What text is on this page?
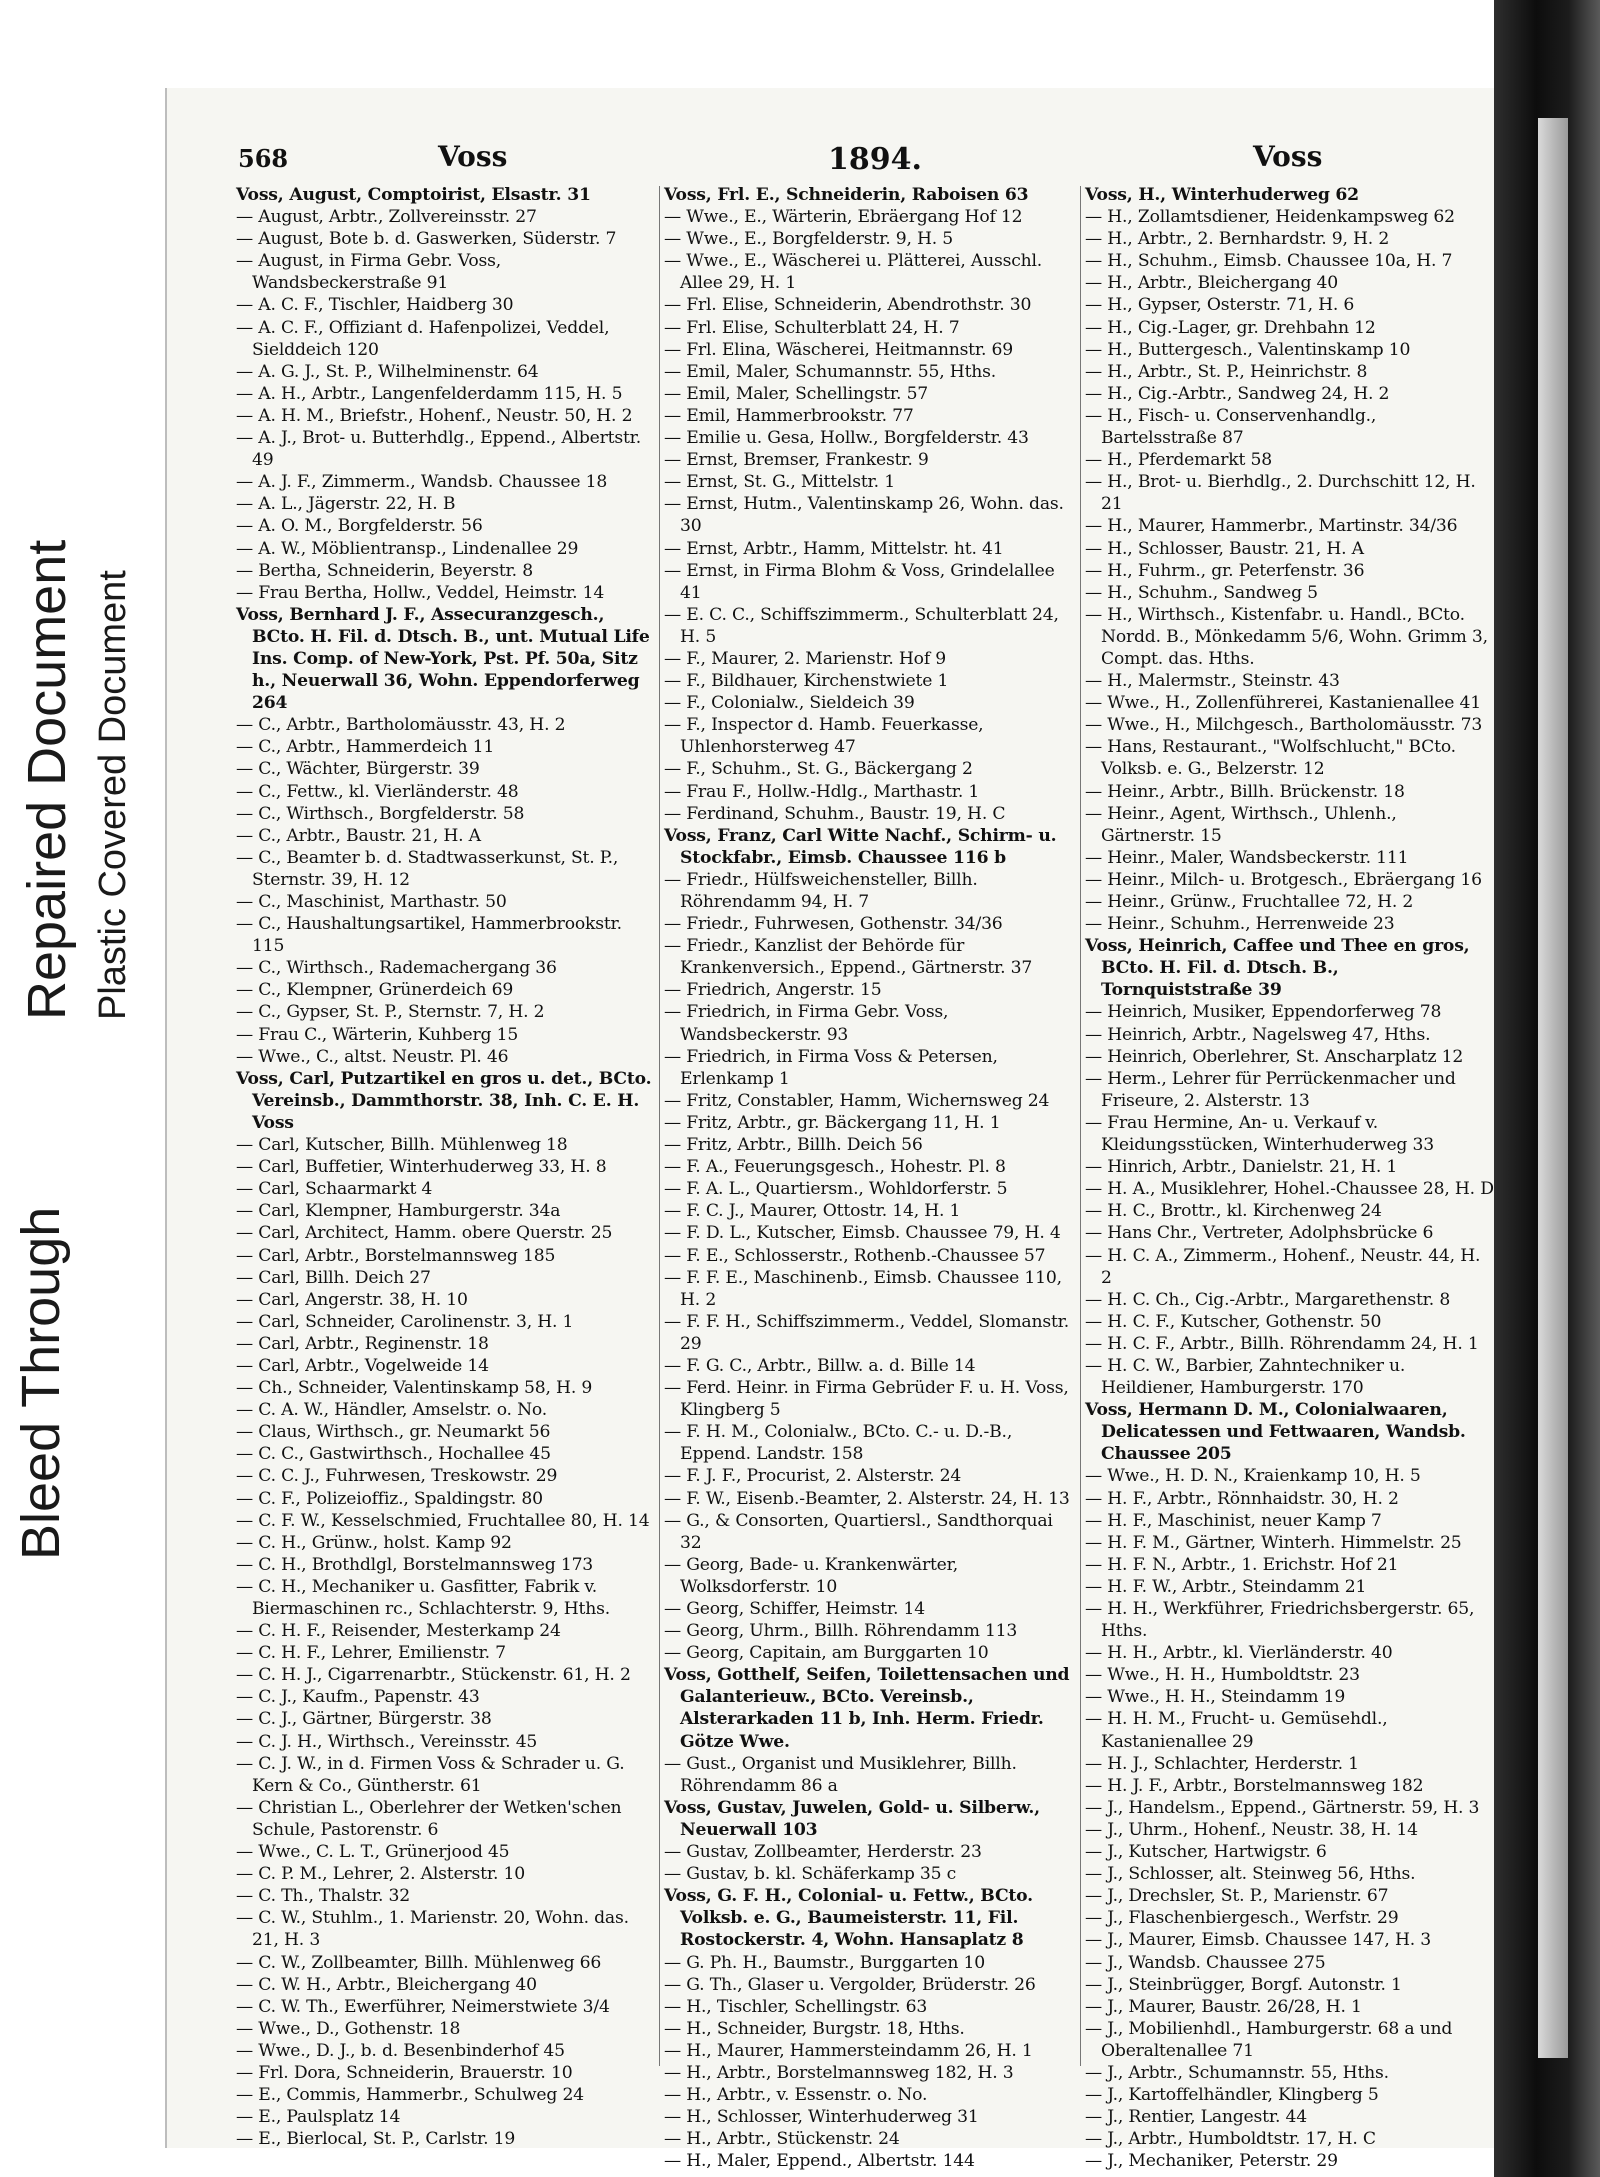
Repaired Document Plastic Covered Document
Bleed Through
568	Voss	1894.	Voss

Voss, August, Comptoirist, Elsastr. 31

— August, Arbtr., Zollvereinsstr. 27

— August, Bote b. d. Gaswerken, Süderstr. 7

— August, in Firma Gebr. Voss, Wandsbeckerstraße 91

— A. C. F., Tischler, Haidberg 30

— A. C. F., Offiziant d. Hafenpolizei, Veddel, Sielddeich 120

— A. G. J., St. P., Wilhelminenstr. 64

— A. H., Arbtr., Langenfelderdamm 115, H. 5

— A. H. M., Briefstr., Hohenf., Neustr. 50, H. 2

— A. J., Brot- u. Butterhdlg., Eppend., Albertstr. 49

— A. J. F., Zimmerm., Wandsb. Chaussee 18

— A. L., Jägerstr. 22, H. B

— A. O. M., Borgfelderstr. 56

— A. W., Möblientransp., Lindenallee 29

— Bertha, Schneiderin, Beyerstr. 8

— Frau Bertha, Hollw., Veddel, Heimstr. 14

Voss, Bernhard J. F., Assecuranzgesch., BCto. H. Fil. d. Dtsch. B., unt. Mutual Life Ins. Comp. of New-York, Pst. Pf. 50a, Sitz h., Neuerwall 36, Wohn. Eppendorferweg 264

— C., Arbtr., Bartholomäusstr. 43, H. 2

— C., Arbtr., Hammerdeich 11

— C., Wächter, Bürgerstr. 39

— C., Fettw., kl. Vierländerstr. 48

— C., Wirthsch., Borgfelderstr. 58

— C., Arbtr., Baustr. 21, H. A

— C., Beamter b. d. Stadtwasserkunst, St. P., Sternstr. 39, H. 12

— C., Maschinist, Marthastr. 50

— C., Haushaltungsartikel, Hammerbrookstr. 115

— C., Wirthsch., Rademachergang 36

— C., Klempner, Grünerdeich 69

— C., Gypser, St. P., Sternstr. 7, H. 2

— Frau C., Wärterin, Kuhberg 15

— Wwe., C., altst. Neustr. Pl. 46

Voss, Carl, Putzartikel en gros u. det., BCto. Vereinsb., Dammthorstr. 38, Inh. C. E. H. Voss

— Carl, Kutscher, Billh. Mühlenweg 18

— Carl, Buffetier, Winterhuderweg 33, H. 8

— Carl, Schaarmarkt 4

— Carl, Klempner, Hamburgerstr. 34a

— Carl, Architect, Hamm. obere Querstr. 25

— Carl, Arbtr., Borstelmannsweg 185

— Carl, Billh. Deich 27

— Carl, Angerstr. 38, H. 10

— Carl, Schneider, Carolinenstr. 3, H. 1

— Carl, Arbtr., Reginenstr. 18

— Carl, Arbtr., Vogelweide 14

— Ch., Schneider, Valentinskamp 58, H. 9

— C. A. W., Händler, Amselstr. o. No.

— Claus, Wirthsch., gr. Neumarkt 56

— C. C., Gastwirthsch., Hochallee 45

— C. C. J., Fuhrwesen, Treskowstr. 29

— C. F., Polizeioffiz., Spaldingstr. 80

— C. F. W., Kesselschmied, Fruchtallee 80, H. 14

— C. H., Grünw., holst. Kamp 92

— C. H., Brothdlgl, Borstelmannsweg 173

— C. H., Mechaniker u. Gasfitter, Fabrik v. Biermaschinen rc., Schlachterstr. 9, Hths.

— C. H. F., Reisender, Mesterkamp 24

— C. H. F., Lehrer, Emilienstr. 7

— C. H. J., Cigarrenarbtr., Stückenstr. 61, H. 2

— C. J., Kaufm., Papenstr. 43

— C. J., Gärtner, Bürgerstr. 38

— C. J. H., Wirthsch., Vereinsstr. 45

— C. J. W., in d. Firmen Voss & Schrader u. G. Kern & Co., Güntherstr. 61

— Christian L., Oberlehrer der Wetken'schen Schule, Pastorenstr. 6

— Wwe., C. L. T., Grünerjood 45

— C. P. M., Lehrer, 2. Alsterstr. 10

— C. Th., Thalstr. 32

— C. W., Stuhlm., 1. Marienstr. 20, Wohn. das. 21, H. 3

— C. W., Zollbeamter, Billh. Mühlenweg 66

— C. W. H., Arbtr., Bleichergang 40

— C. W. Th., Ewerführer, Neimerstwiete 3/4

— Wwe., D., Gothenstr. 18

— Wwe., D. J., b. d. Besenbinderhof 45

— Frl. Dora, Schneiderin, Brauerstr. 10

— E., Commis, Hammerbr., Schulweg 24

— E., Paulsplatz 14

— E., Bierlocal, St. P., Carlstr. 19

Voss, Frl. E., Schneiderin, Raboisen 63

— Wwe., E., Wärterin, Ebräergang Hof 12

— Wwe., E., Borgfelderstr. 9, H. 5

— Wwe., E., Wäscherei u. Plätterei, Ausschl. Allee 29, H. 1

— Frl. Elise, Schneiderin, Abendrothstr. 30

— Frl. Elise, Schulterblatt 24, H. 7

— Frl. Elina, Wäscherei, Heitmannstr. 69

— Emil, Maler, Schumannstr. 55, Hths.

— Emil, Maler, Schellingstr. 57

— Emil, Hammerbrookstr. 77

— Emilie u. Gesa, Hollw., Borgfelderstr. 43

— Ernst, Bremser, Frankestr. 9

— Ernst, St. G., Mittelstr. 1

— Ernst, Hutm., Valentinskamp 26, Wohn. das. 30

— Ernst, Arbtr., Hamm, Mittelstr. ht. 41

— Ernst, in Firma Blohm & Voss, Grindelallee 41

— E. C. C., Schiffszimmerm., Schulterblatt 24, H. 5

— F., Maurer, 2. Marienstr. Hof 9

— F., Bildhauer, Kirchenstwiete 1

— F., Colonialw., Sieldeich 39

— F., Inspector d. Hamb. Feuerkasse, Uhlenhorsterweg 47

— F., Schuhm., St. G., Bäckergang 2

— Frau F., Hollw.-Hdlg., Marthastr. 1

— Ferdinand, Schuhm., Baustr. 19, H. C

Voss, Franz, Carl Witte Nachf., Schirm- u. Stockfabr., Eimsb. Chaussee 116 b

— Friedr., Hülfsweichensteller, Billh. Röhrendamm 94, H. 7

— Friedr., Fuhrwesen, Gothenstr. 34/36

— Friedr., Kanzlist der Behörde für Krankenversich., Eppend., Gärtnerstr. 37

— Friedrich, Angerstr. 15

— Friedrich, in Firma Gebr. Voss, Wandsbeckerstr. 93

— Friedrich, in Firma Voss & Petersen, Erlenkamp 1

— Fritz, Constabler, Hamm, Wichernsweg 24

— Fritz, Arbtr., gr. Bäckergang 11, H. 1

— Fritz, Arbtr., Billh. Deich 56

— F. A., Feuerungsgesch., Hohestr. Pl. 8

— F. A. L., Quartiersm., Wohldorferstr. 5

— F. C. J., Maurer, Ottostr. 14, H. 1

— F. D. L., Kutscher, Eimsb. Chaussee 79, H. 4

— F. E., Schlosserstr., Rothenb.-Chaussee 57

— F. F. E., Maschinenb., Eimsb. Chaussee 110, H. 2

— F. F. H., Schiffszimmerm., Veddel, Slomanstr. 29

— F. G. C., Arbtr., Billw. a. d. Bille 14

— Ferd. Heinr. in Firma Gebrüder F. u. H. Voss, Klingberg 5

— F. H. M., Colonialw., BCto. C.- u. D.-B., Eppend. Landstr. 158

— F. J. F., Procurist, 2. Alsterstr. 24

— F. W., Eisenb.-Beamter, 2. Alsterstr. 24, H. 13

— G., & Consorten, Quartiersl., Sandthorquai 32

— Georg, Bade- u. Krankenwärter, Wolksdorferstr. 10

— Georg, Schiffer, Heimstr. 14

— Georg, Uhrm., Billh. Röhrendamm 113

— Georg, Capitain, am Burggarten 10

Voss, Gotthelf, Seifen, Toilettensachen und Galanterieuw., BCto. Vereinsb., Alsterarkaden 11 b, Inh. Herm. Friedr. Götze Wwe.

— Gust., Organist und Musiklehrer, Billh. Röhrendamm 86 a

Voss, Gustav, Juwelen, Gold- u. Silberw., Neuerwall 103

— Gustav, Zollbeamter, Herderstr. 23

— Gustav, b. kl. Schäferkamp 35 c

Voss, G. F. H., Colonial- u. Fettw., BCto. Volksb. e. G., Baumeisterstr. 11, Fil. Rostockerstr. 4, Wohn. Hansaplatz 8

— G. Ph. H., Baumstr., Burggarten 10

— G. Th., Glaser u. Vergolder, Brüderstr. 26

— H., Tischler, Schellingstr. 63

— H., Schneider, Burgstr. 18, Hths.

— H., Maurer, Hammersteindamm 26, H. 1

— H., Arbtr., Borstelmannsweg 182, H. 3

— H., Arbtr., v. Essenstr. o. No.

— H., Schlosser, Winterhuderweg 31

— H., Arbtr., Stückenstr. 24

— H., Maler, Eppend., Albertstr. 144

Voss, H., Winterhuderweg 62

— H., Zollamtsdiener, Heidenkampsweg 62

— H., Arbtr., 2. Bernhardstr. 9, H. 2

— H., Schuhm., Eimsb. Chaussee 10a, H. 7

— H., Arbtr., Bleichergang 40

— H., Gypser, Osterstr. 71, H. 6

— H., Cig.-Lager, gr. Drehbahn 12

— H., Buttergesch., Valentinskamp 10

— H., Arbtr., St. P., Heinrichstr. 8

— H., Cig.-Arbtr., Sandweg 24, H. 2

— H., Fisch- u. Conservenhandlg., Bartelsstraße 87

— H., Pferdemarkt 58

— H., Brot- u. Bierhdlg., 2. Durchschitt 12, H. 21

— H., Maurer, Hammerbr., Martinstr. 34/36

— H., Schlosser, Baustr. 21, H. A

— H., Fuhrm., gr. Peterfenstr. 36

— H., Schuhm., Sandweg 5

— H., Wirthsch., Kistenfabr. u. Handl., BCto. Nordd. B., Mönkedamm 5/6, Wohn. Grimm 3, Compt. das. Hths.

— H., Malermstr., Steinstr. 43

— Wwe., H., Zollenführerei, Kastanienallee 41

— Wwe., H., Milchgesch., Bartholomäusstr. 73

— Hans, Restaurant., "Wolfschlucht," BCto. Volksb. e. G., Belzerstr. 12

— Heinr., Arbtr., Billh. Brückenstr. 18

— Heinr., Agent, Wirthsch., Uhlenh., Gärtnerstr. 15

— Heinr., Maler, Wandsbeckerstr. 111

— Heinr., Milch- u. Brotgesch., Ebräergang 16

— Heinr., Grünw., Fruchtallee 72, H. 2

— Heinr., Schuhm., Herrenweide 23

Voss, Heinrich, Caffee und Thee en gros, BCto. H. Fil. d. Dtsch. B., Tornquiststraße 39

— Heinrich, Musiker, Eppendorferweg 78

— Heinrich, Arbtr., Nagelsweg 47, Hths.

— Heinrich, Oberlehrer, St. Anscharplatz 12

— Herm., Lehrer für Perrückenmacher und Friseure, 2. Alsterstr. 13

— Frau Hermine, An- u. Verkauf v. Kleidungsstücken, Winterhuderweg 33

— Hinrich, Arbtr., Danielstr. 21, H. 1

— H. A., Musiklehrer, Hohel.-Chaussee 28, H. D

— H. C., Brottr., kl. Kirchenweg 24

— Hans Chr., Vertreter, Adolphsbrücke 6

— H. C. A., Zimmerm., Hohenf., Neustr. 44, H. 2

— H. C. Ch., Cig.-Arbtr., Margarethenstr. 8

— H. C. F., Kutscher, Gothenstr. 50

— H. C. F., Arbtr., Billh. Röhrendamm 24, H. 1

— H. C. W., Barbier, Zahntechniker u. Heildiener, Hamburgerstr. 170

Voss, Hermann D. M., Colonialwaaren, Delicatessen und Fettwaaren, Wandsb. Chaussee 205

— Wwe., H. D. N., Kraienkamp 10, H. 5

— H. F., Arbtr., Rönnhaidstr. 30, H. 2

— H. F., Maschinist, neuer Kamp 7

— H. F. M., Gärtner, Winterh. Himmelstr. 25

— H. F. N., Arbtr., 1. Erichstr. Hof 21

— H. F. W., Arbtr., Steindamm 21

— H. H., Werkführer, Friedrichsbergerstr. 65, Hths.

— H. H., Arbtr., kl. Vierländerstr. 40

— Wwe., H. H., Humboldtstr. 23

— Wwe., H. H., Steindamm 19

— H. H. M., Frucht- u. Gemüsehdl., Kastanienallee 29

— H. J., Schlachter, Herderstr. 1

— H. J. F., Arbtr., Borstelmannsweg 182

— J., Handelsm., Eppend., Gärtnerstr. 59, H. 3

— J., Uhrm., Hohenf., Neustr. 38, H. 14

— J., Kutscher, Hartwigstr. 6

— J., Schlosser, alt. Steinweg 56, Hths.

— J., Drechsler, St. P., Marienstr. 67

— J., Flaschenbiergesch., Werfstr. 29

— J., Maurer, Eimsb. Chaussee 147, H. 3

— J., Wandsb. Chaussee 275

— J., Steinbrügger, Borgf. Autonstr. 1

— J., Maurer, Baustr. 26/28, H. 1

— J., Mobilienhdl., Hamburgerstr. 68 a und Oberaltenallee 71

— J., Arbtr., Schumannstr. 55, Hths.

— J., Kartoffelhändler, Klingberg 5

— J., Rentier, Langestr. 44

— J., Arbtr., Humboldtstr. 17, H. C

— J., Mechaniker, Peterstr. 29
